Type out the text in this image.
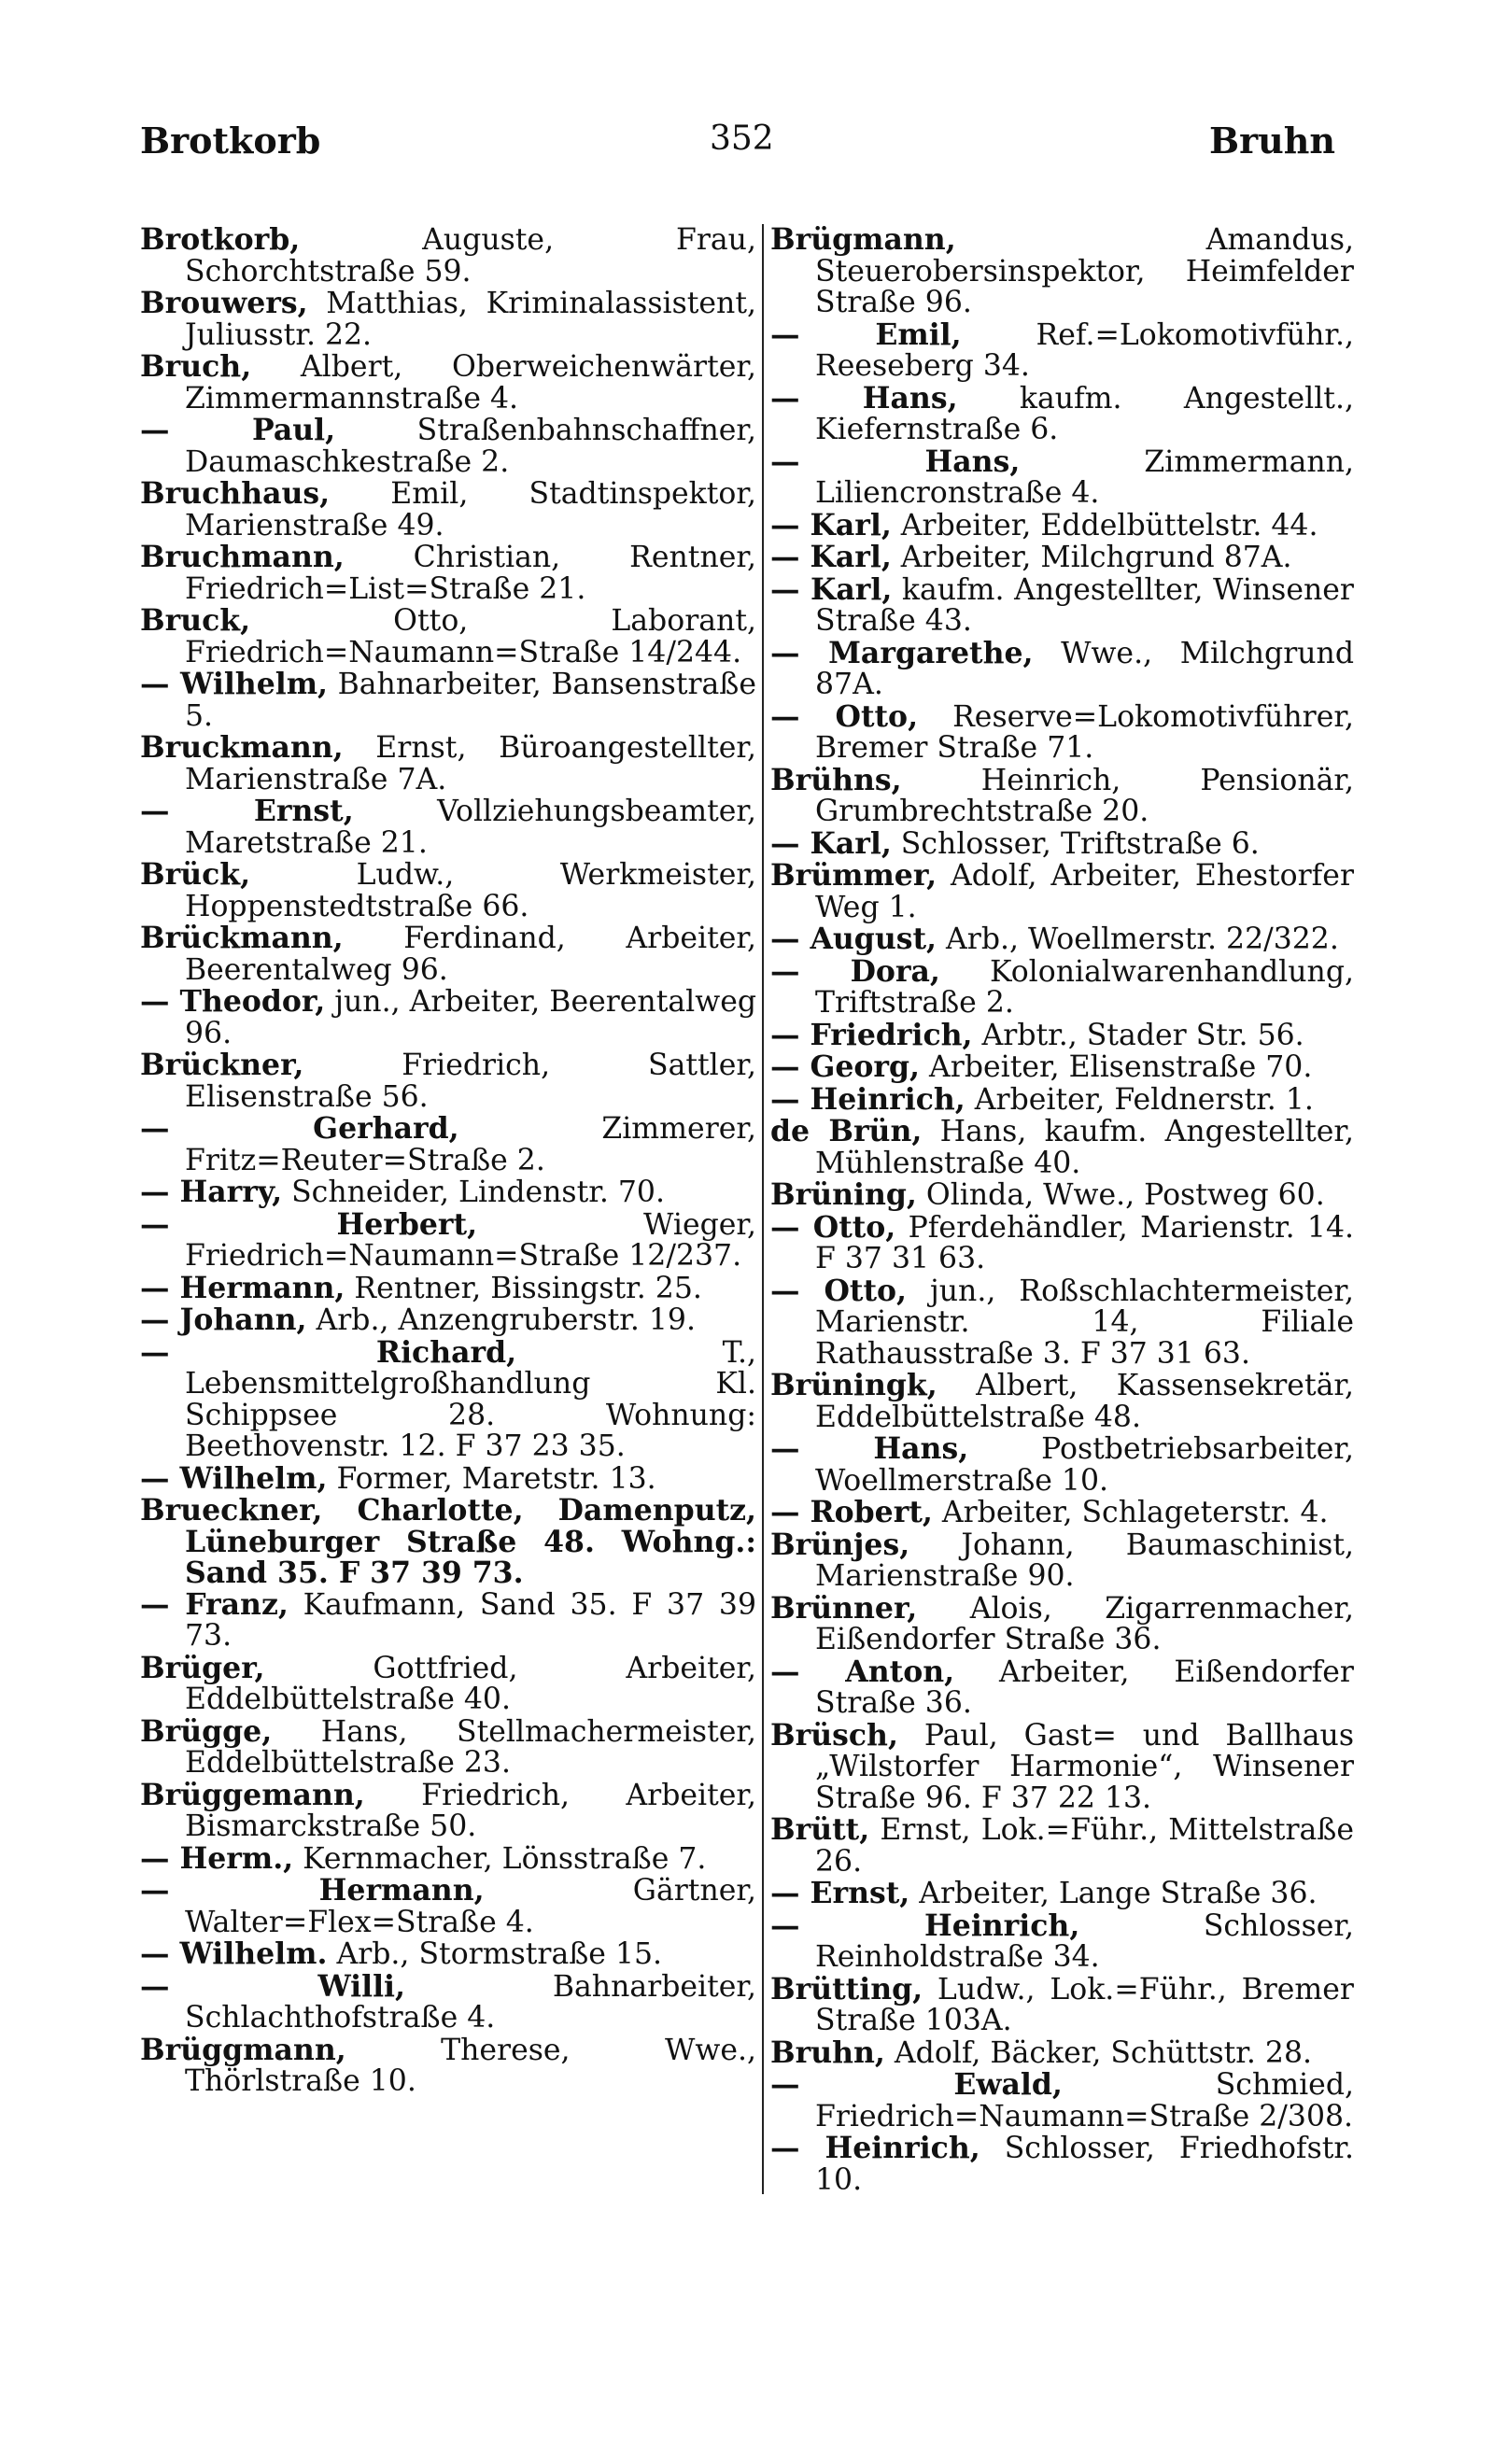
Brotkorb	352	Bruhn
Brotkorb, Auguste, Frau, Schorchtstraße 59.
Brouwers, Matthias, Kriminalassistent, Juliusstr. 22.
Bruch, Albert, Oberweichenwärter, Zimmermannstraße 4.
— Paul, Straßenbahnschaffner, Daumaschkestraße 2.
Bruchhaus, Emil, Stadtinspektor, Marienstraße 49.
Bruchmann, Christian, Rentner, Friedrich=List=Straße 21.
Bruck, Otto, Laborant, Friedrich=Naumann=Straße 14/244.
— Wilhelm, Bahnarbeiter, Bansenstraße 5.
Bruckmann, Ernst, Büroangestellter, Marienstraße 7A.
— Ernst, Vollziehungsbeamter, Maretstraße 21.
Brück, Ludw., Werkmeister, Hoppenstedtstraße 66.
Brückmann, Ferdinand, Arbeiter, Beerentalweg 96.
— Theodor, jun., Arbeiter, Beerentalweg 96.
Brückner, Friedrich, Sattler, Elisenstraße 56.
— Gerhard, Zimmerer, Fritz=Reuter=Straße 2.
— Harry, Schneider, Lindenstr. 70.
— Herbert, Wieger, Friedrich=Naumann=Straße 12/237.
— Hermann, Rentner, Bissingstr. 25.
— Johann, Arb., Anzengruberstr. 19.
— Richard, T., Lebensmittelgroßhandlung Kl. Schippsee 28. Wohnung: Beethovenstr. 12. F 37 23 35.
— Wilhelm, Former, Maretstr. 13.
Brueckner, Charlotte, Damenputz, Lüneburger Straße 48. Wohng.: Sand 35. F 37 39 73.
— Franz, Kaufmann, Sand 35. F 37 39 73.
Brüger, Gottfried, Arbeiter, Eddelbüttelstraße 40.
Brügge, Hans, Stellmachermeister, Eddelbüttelstraße 23.
Brüggemann, Friedrich, Arbeiter, Bismarckstraße 50.
— Herm., Kernmacher, Lönsstraße 7.
— Hermann, Gärtner, Walter=Flex=Straße 4.
— Wilhelm. Arb., Stormstraße 15.
— Willi, Bahnarbeiter, Schlachthofstraße 4.
Brüggmann, Therese, Wwe., Thörlstraße 10.
Brügmann, Amandus, Steuerobersinspektor, Heimfelder Straße 96.
— Emil, Ref.=Lokomotivführ., Reeseberg 34.
— Hans, kaufm. Angestellt., Kiefernstraße 6.
— Hans, Zimmermann, Liliencronstraße 4.
— Karl, Arbeiter, Eddelbüttelstr. 44.
— Karl, Arbeiter, Milchgrund 87A.
— Karl, kaufm. Angestellter, Winsener Straße 43.
— Margarethe, Wwe., Milchgrund 87A.
— Otto, Reserve=Lokomotivführer, Bremer Straße 71.
Brühns, Heinrich, Pensionär, Grumbrechtstraße 20.
— Karl, Schlosser, Triftstraße 6.
Brümmer, Adolf, Arbeiter, Ehestorfer Weg 1.
— August, Arb., Woellmerstr. 22/322.
— Dora, Kolonialwarenhandlung, Triftstraße 2.
— Friedrich, Arbtr., Stader Str. 56.
— Georg, Arbeiter, Elisenstraße 70.
— Heinrich, Arbeiter, Feldnerstr. 1.
de Brün, Hans, kaufm. Angestellter, Mühlenstraße 40.
Brüning, Olinda, Wwe., Postweg 60.
— Otto, Pferdehändler, Marienstr. 14. F 37 31 63.
— Otto, jun., Roßschlachtermeister, Marienstr. 14, Filiale Rathausstraße 3. F 37 31 63.
Brüningk, Albert, Kassensekretär, Eddelbüttelstraße 48.
— Hans, Postbetriebsarbeiter, Woellmerstraße 10.
— Robert, Arbeiter, Schlageterstr. 4.
Brünjes, Johann, Baumaschinist, Marienstraße 90.
Brünner, Alois, Zigarrenmacher, Eißendorfer Straße 36.
— Anton, Arbeiter, Eißendorfer Straße 36.
Brüsch, Paul, Gast= und Ballhaus „Wilstorfer Harmonie“, Winsener Straße 96. F 37 22 13.
Brütt, Ernst, Lok.=Führ., Mittelstraße 26.
— Ernst, Arbeiter, Lange Straße 36.
— Heinrich, Schlosser, Reinholdstraße 34.
Brütting, Ludw., Lok.=Führ., Bremer Straße 103A.
Bruhn, Adolf, Bäcker, Schüttstr. 28.
— Ewald, Schmied, Friedrich=Naumann=Straße 2/308.
— Heinrich, Schlosser, Friedhofstr. 10.
